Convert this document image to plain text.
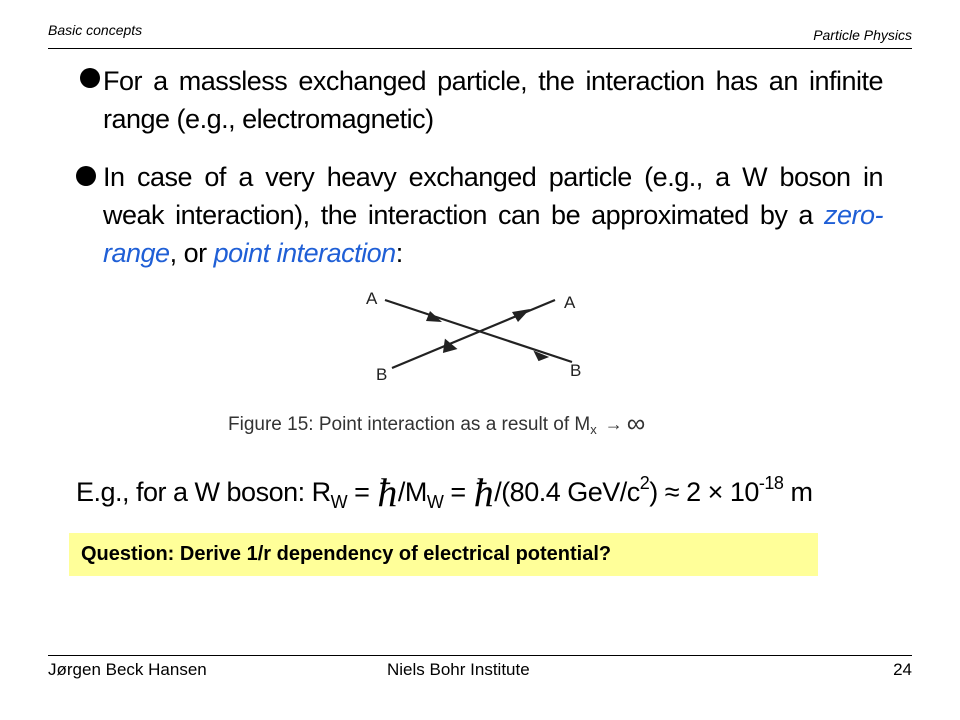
Basic concepts	Particle Physics
For a massless exchanged particle, the interaction has an infinite range (e.g., electromagnetic)
In case of a very heavy exchanged particle (e.g., a W boson in weak interaction), the interaction can be approximated by a zero-range, or point interaction:
A
B
A
B
Figure 15: Point interaction as a result of $M_x$ → ∞
E.g., for a W boson: $R_W$ = $ħ/M_W$ = ħ/(80.4 GeV/$c^2) \approx 2 \times 10^{-18}$ m
Question: Derive 1/r dependency of electrical potential?
Jørgen Beck Hansen	Niels Bohr Institute	24
